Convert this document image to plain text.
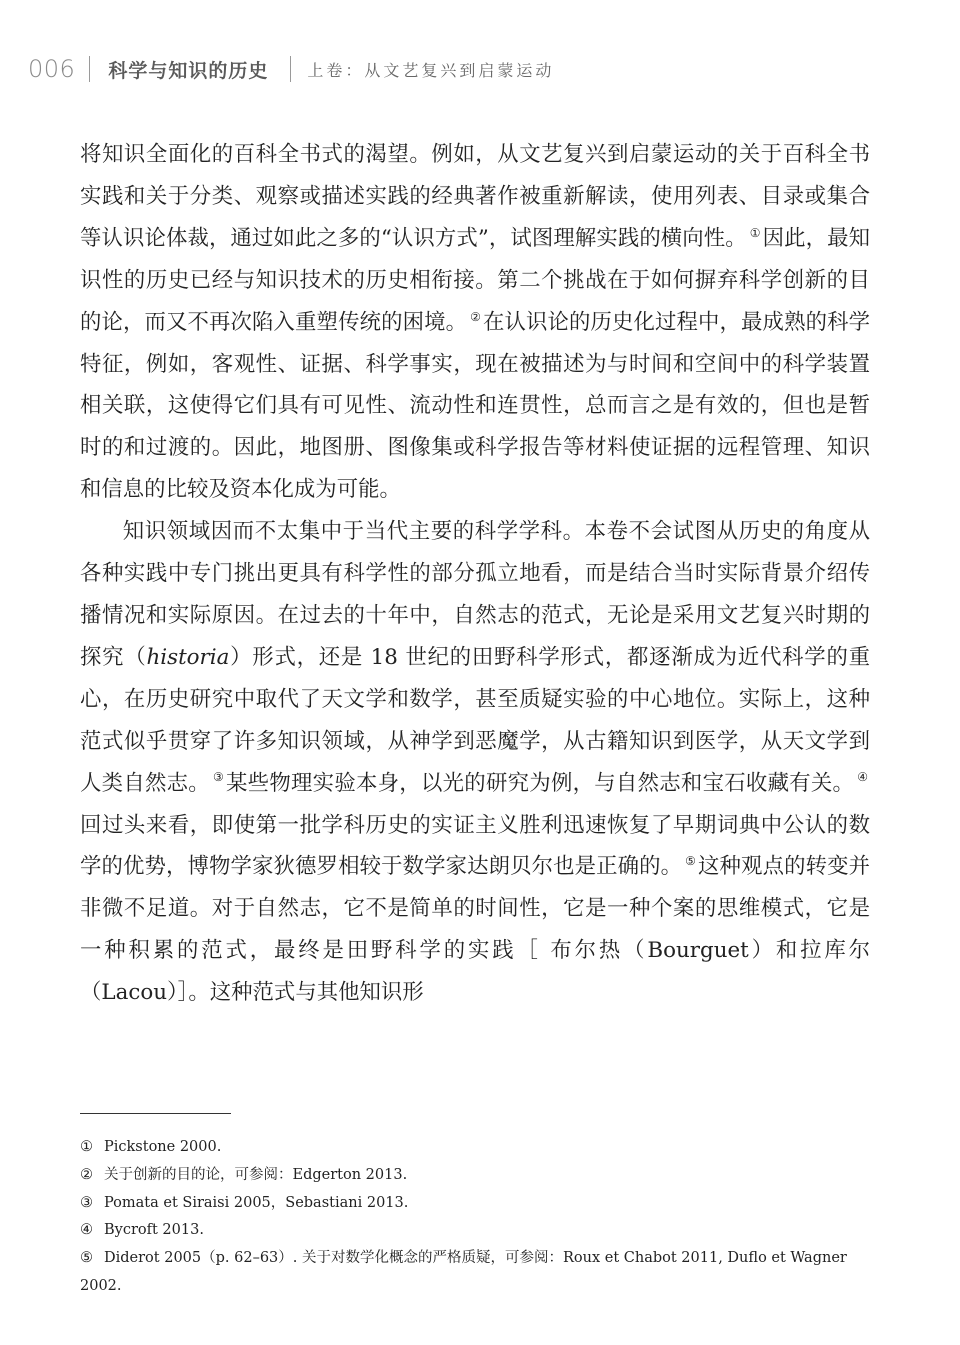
006 科学与知识的历史 上卷：从文艺复兴到启蒙运动

将知识全面化的百科全书式的渴望。例如，从文艺复兴到启蒙运动的关于百科全书实践和关于分类、观察或描述实践的经典著作被重新解读，使用列表、目录或集合等认识论体裁，通过如此之多的“认识方式”，试图理解实践的横向性。 ①因此，最知识性的历史已经与知识技术的历史相衔接。第二个挑战在于如何摒弃科学创新的目的论，而又不再次陷入重塑传统的困境。 ②在认识论的历史化过程中，最成熟的科学特征，例如，客观性、证据、科学事实，现在被描述为与时间和空间中的科学装置相关联，这使得它们具有可见性、流动性和连贯性，总而言之是有效的，但也是暂时的和过渡的。因此，地图册、图像集或科学报告等材料使证据的远程管理、知识和信息的比较及资本化成为可能。

知识领域因而不太集中于当代主要的科学学科。本卷不会试图从历史的角度从各种实践中专门挑出更具有科学性的部分孤立地看，而是结合当时实际背景介绍传播情况和实际原因。在过去的十年中，自然志的范式，无论是采用文艺复兴时期的探究（historia）形式，还是 18 世纪的田野科学形式，都逐渐成为近代科学的重心，在历史研究中取代了天文学和数学，甚至质疑实验的中心地位。实际上，这种范式似乎贯穿了许多知识领域，从神学到恶魔学，从古籍知识到医学，从天文学到人类自然志。 ③某些物理实验本身，以光的研究为例，与自然志和宝石收藏有关。 ④回过头来看，即使第一批学科历史的实证主义胜利迅速恢复了早期词典中公认的数学的优势，博物学家狄德罗相较于数学家达朗贝尔也是正确的。 ⑤这种观点的转变并非微不足道。对于自然志，它不是简单的时间性，它是一种个案的思维模式，它是一种积累的范式，最终是田野科学的实践［ 布尔热（Bourguet）和拉库尔（Lacou）］。这种范式与其他知识形

① Pickstone 2000.

② 关于创新的目的论，可参阅：Edgerton 2013.

③ Pomata et Siraisi 2005，Sebastiani 2013.

④ Bycroft 2013.

⑤ Diderot 2005（p. 62–63）. 关于对数学化概念的严格质疑，可参阅：Roux et Chabot 2011, Duflo et Wagner 2002.
